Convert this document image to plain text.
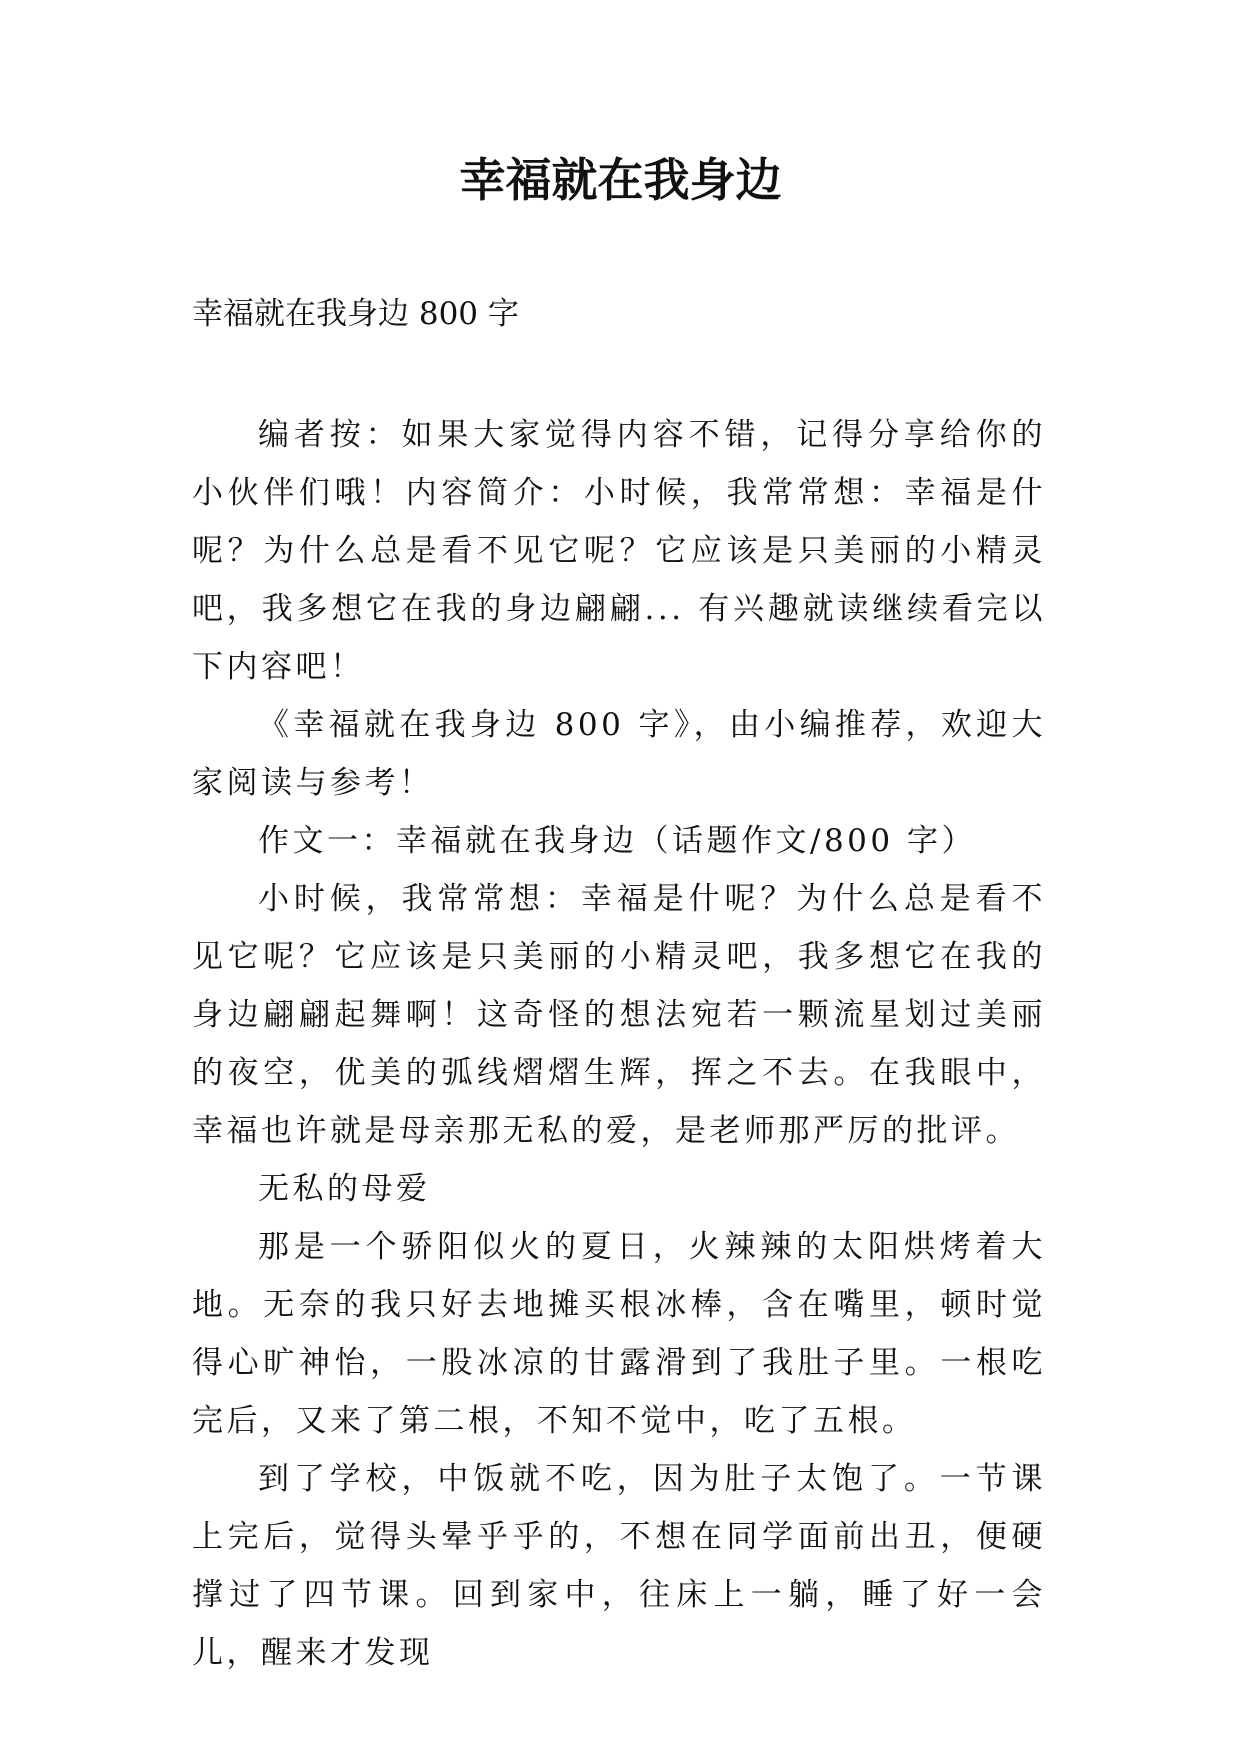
幸福就在我身边

幸福就在我身边 800 字

编者按：如果大家觉得内容不错，记得分享给你的小伙伴们哦！内容简介：小时候，我常常想：幸福是什呢？为什么总是看不见它呢？它应该是只美丽的小精灵吧，我多想它在我的身边翩翩... 有兴趣就读继续看完以下内容吧！

《幸福就在我身边 800 字》，由小编推荐，欢迎大家阅读与参考！

作文一：幸福就在我身边（话题作文/800 字）

小时候，我常常想：幸福是什呢？为什么总是看不见它呢？它应该是只美丽的小精灵吧，我多想它在我的身边翩翩起舞啊！这奇怪的想法宛若一颗流星划过美丽的夜空，优美的弧线熠熠生辉，挥之不去。在我眼中，幸福也许就是母亲那无私的爱，是老师那严厉的批评。

无私的母爱

那是一个骄阳似火的夏日，火辣辣的太阳烘烤着大地。无奈的我只好去地摊买根冰棒，含在嘴里，顿时觉得心旷神怡，一股冰凉的甘露滑到了我肚子里。一根吃完后，又来了第二根，不知不觉中，吃了五根。

到了学校，中饭就不吃，因为肚子太饱了。一节课上完后，觉得头晕乎乎的，不想在同学面前出丑，便硬撑过了四节课。回到家中，往床上一躺，睡了好一会儿，醒来才发现
